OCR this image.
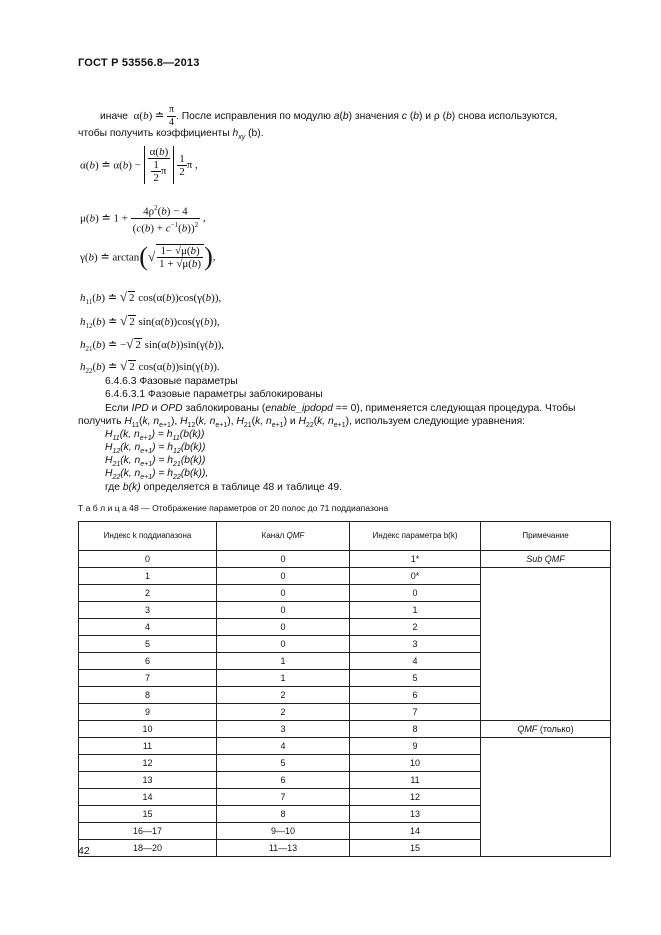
ГОСТ Р 53556.8—2013
иначе  α(b) ≐ $\frac{\pi}{4}$ . После исправления по модулю a(b) значения c (b) и ρ (b) снова используются,
чтобы получить коэффициенты $h_{xy}$ (b).
α(b) ≐ $\alpha(b) - \frac{\alpha(b)}{\frac{1}{2} \pi} \frac{1}{2}$ π ,
μ(b) ≐ $1 + \frac{4\rho^2(b) - 4}{(c(b) + c^{-1}(b))^2}$ ,
γ(b) ≐ $\arctan(√ \frac{1- √\mu(b)}{1 + √\mu(b)}$ ),
$h_{11}(b)$ ≐ √ 2 cos(α(b))cos(γ(b)),
$h_{12}(b)$ ≐ √ 2 sin(α(b))cos(γ(b)),
$h_{21}(b)$ ≐ −√ 2 sin(α(b))sin(γ(b)),
$h_{22}(b)$ ≐ √ 2 cos(α(b))sin(γ(b)).
6.4.6.3 Фазовые параметры
6.4.6.3.1 Фазовые параметры заблокированы
Если IPD и OPD заблокированы (enable_ipdopd == 0), применяется следующая процедура. Чтобы
получить $H_{11}(k$, $n_{e+1}$), $H_{12}(k$, $n_{e+1}$), $H_{21}(k$, $n_{e+1}$) и $H_{22}(k$, $n_{e+1}$), используем следующие уравнения:
$H_{11}(k$, $n_{e+1}) = h_{11}(b(k))$
$H_{12}(k$, $n_{e+1}) = h_{12}(b(k))$
$H_{21}(k$, $n_{e+1}) = h_{21}(b(k))$
$H_{22}(k$, $n_{e+1}) = h_{22}(b(k))$,
где b(k) определяется в таблице 48 и таблице 49.
Т а б л и ц а 48 — Отображение параметров от 20 полос до 71 поддиапазона
Индекс k поддиапазона	Канал QMF	Индекс параметра b(k)	Примечание
0	0	1*	Sub QMF
1	0	0*	
2	0	0	
3	0	1	
4	0	2	
5	0	3	
6	1	4	
7	1	5	
8	2	6	
9	2	7	
10	3	8	QMF (только)
11	4	9	
12	5	10	
13	6	11	
14	7	12	
15	8	13	
16—17	9—10	14	
18—20	11—13	15	
42
